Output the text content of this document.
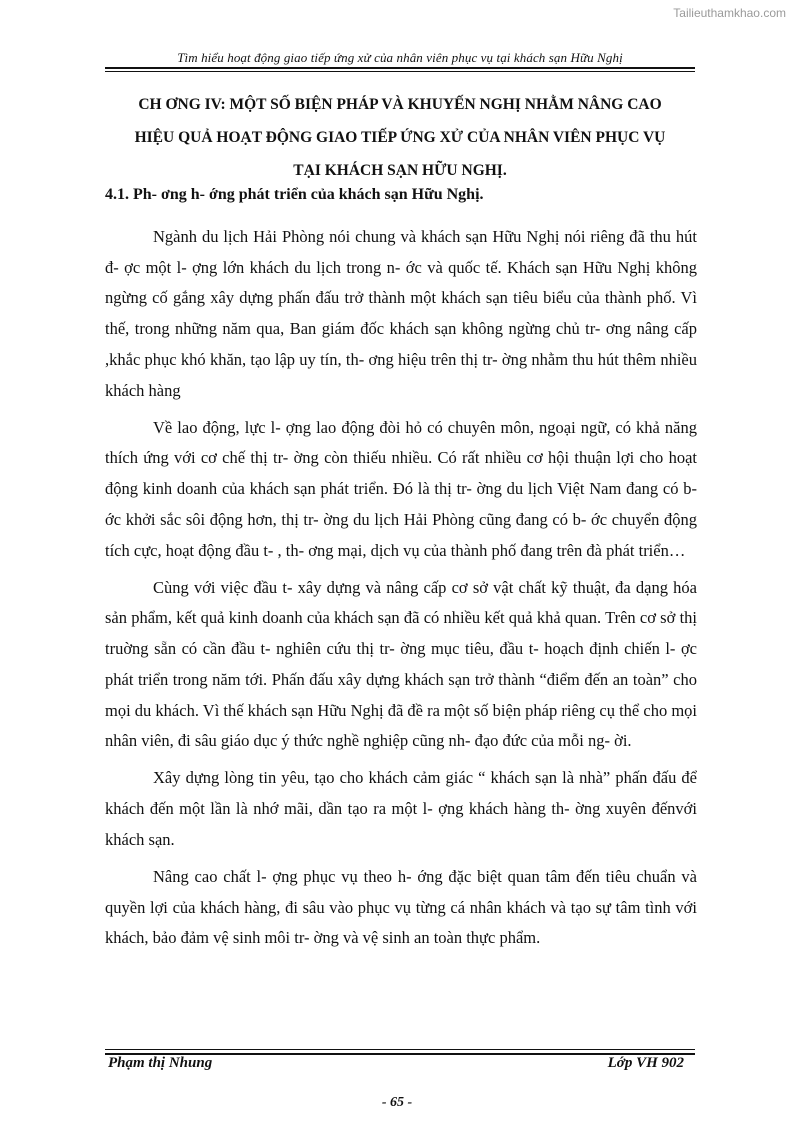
Tailieuthamkhao.com
Tìm hiểu hoạt động giao tiếp ứng xử của nhân viên phục vụ tại khách sạn Hữu Nghị
CH ƠNG IV: MỘT SỐ BIỆN PHÁP VÀ KHUYẾN NGHỊ NHẰM NÂNG CAO
HIỆU QUẢ HOẠT ĐỘNG GIAO TIẾP ỨNG XỬ CỦA NHÂN VIÊN PHỤC VỤ
TẠI KHÁCH SẠN HỮU NGHỊ.
4.1. Ph- ơng h- ớng phát triển của khách sạn Hữu Nghị.

Ngành du lịch Hải Phòng nói chung và khách sạn Hữu Nghị nói riêng đã thu hút đ- ợc một l- ợng lớn khách du lịch trong n- ớc và quốc tế. Khách sạn Hữu Nghị không ngừng cố gắng xây dựng phấn đấu trở thành một khách sạn tiêu biểu của thành phố. Vì thế, trong những năm qua, Ban giám đốc khách sạn không ngừng chủ tr- ơng nâng cấp ,khắc phục khó khăn, tạo lập uy tín, th- ơng hiệu trên thị tr- ờng nhằm thu hút thêm nhiều khách hàng

Về lao động, lực l- ợng lao động đòi hỏ có chuyên môn, ngoại ngữ, có khả năng thích ứng với cơ chế thị tr- ờng còn thiếu nhiều. Có rất nhiều cơ hội thuận lợi cho hoạt động kinh doanh của khách sạn phát triển. Đó là thị tr- ờng du lịch Việt Nam đang có b- ớc khởi sắc sôi động hơn, thị tr- ờng du lịch Hải Phòng cũng đang có b- ớc chuyển động tích cực, hoạt động đầu t- , th- ơng mại, dịch vụ của thành phố đang trên đà phát triển…

Cùng với việc đầu t- xây dựng và nâng cấp cơ sở vật chất kỹ thuật, đa dạng hóa sản phẩm, kết quả kinh doanh của khách sạn đã có nhiều kết quả khả quan. Trên cơ sở thị truờng sẵn có cần đầu t- nghiên cứu thị tr- ờng mục tiêu, đầu t- hoạch định chiến l- ợc phát triển trong năm tới. Phấn đấu xây dựng khách sạn trở thành “điểm đến an toàn” cho mọi du khách. Vì thế khách sạn Hữu Nghị đã đề ra một số biện pháp riêng cụ thể cho mọi nhân viên, đi sâu giáo dục ý thức nghề nghiệp cũng nh- đạo đức của mỗi ng- ời.

Xây dựng lòng tin yêu, tạo cho khách cảm giác “ khách sạn là nhà” phấn đấu để khách đến một lần là nhớ mãi, dần tạo ra một l- ợng khách hàng th- ờng xuyên đếnvới khách sạn.

Nâng cao chất l- ợng phục vụ theo h- ớng đặc biệt quan tâm đến tiêu chuẩn và quyền lợi của khách hàng, đi sâu vào phục vụ từng cá nhân khách và tạo sự tâm tình với khách, bảo đảm vệ sinh môi tr- ờng và vệ sinh an toàn thực phẩm.

Phạm thị Nhung	Lớp VH 902
- 65 -
